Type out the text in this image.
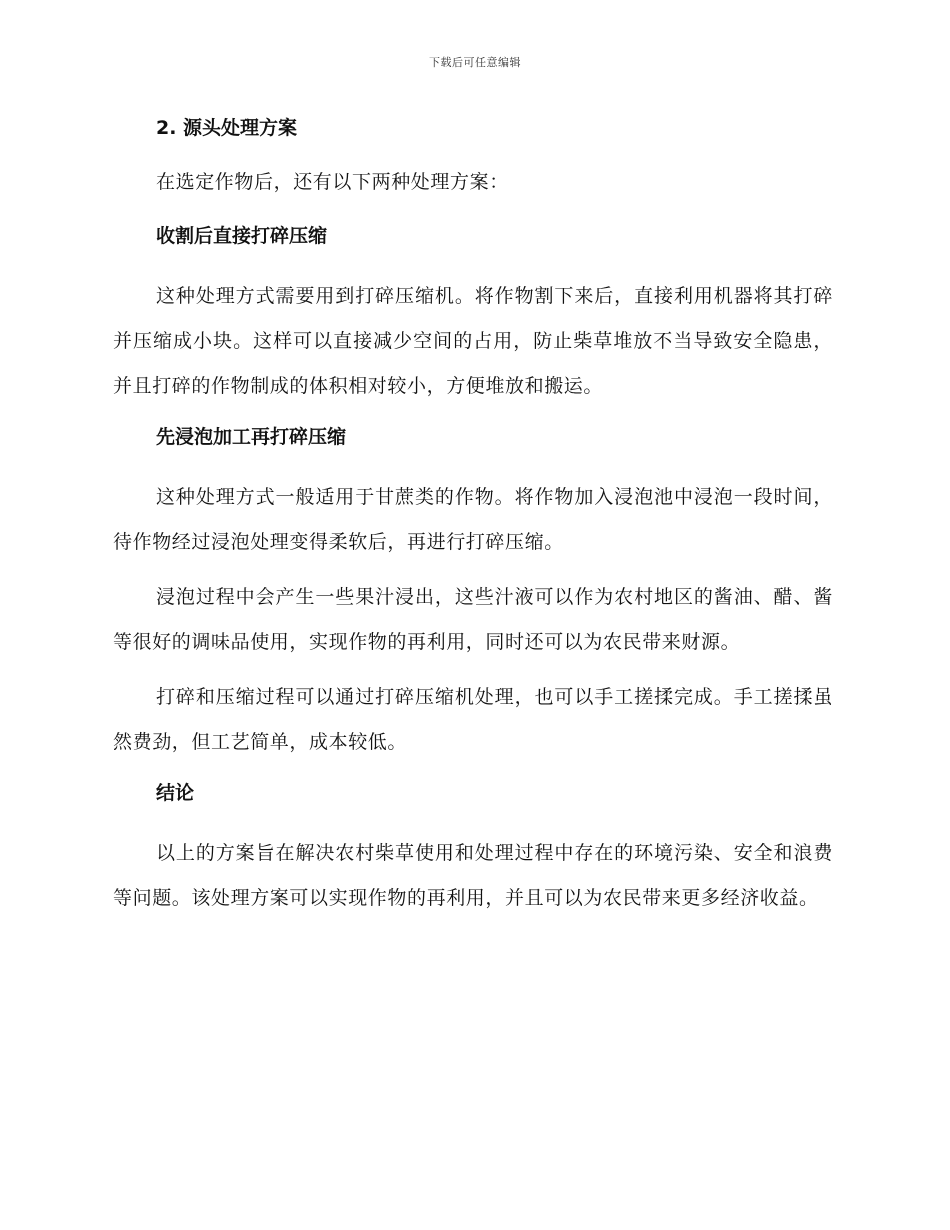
下载后可任意编辑
2. 源头处理方案
在选定作物后，还有以下两种处理方案：
收割后直接打碎压缩
这种处理方式需要用到打碎压缩机。将作物割下来后，直接利用机器将其打碎并压缩成小块。这样可以直接减少空间的占用，防止柴草堆放不当导致安全隐患，并且打碎的作物制成的体积相对较小，方便堆放和搬运。
先浸泡加工再打碎压缩
这种处理方式一般适用于甘蔗类的作物。将作物加入浸泡池中浸泡一段时间，待作物经过浸泡处理变得柔软后，再进行打碎压缩。
浸泡过程中会产生一些果汁浸出，这些汁液可以作为农村地区的酱油、醋、酱等很好的调味品使用，实现作物的再利用，同时还可以为农民带来财源。
打碎和压缩过程可以通过打碎压缩机处理，也可以手工搓揉完成。手工搓揉虽然费劲，但工艺简单，成本较低。
结论
以上的方案旨在解决农村柴草使用和处理过程中存在的环境污染、安全和浪费等问题。该处理方案可以实现作物的再利用，并且可以为农民带来更多经济收益。
